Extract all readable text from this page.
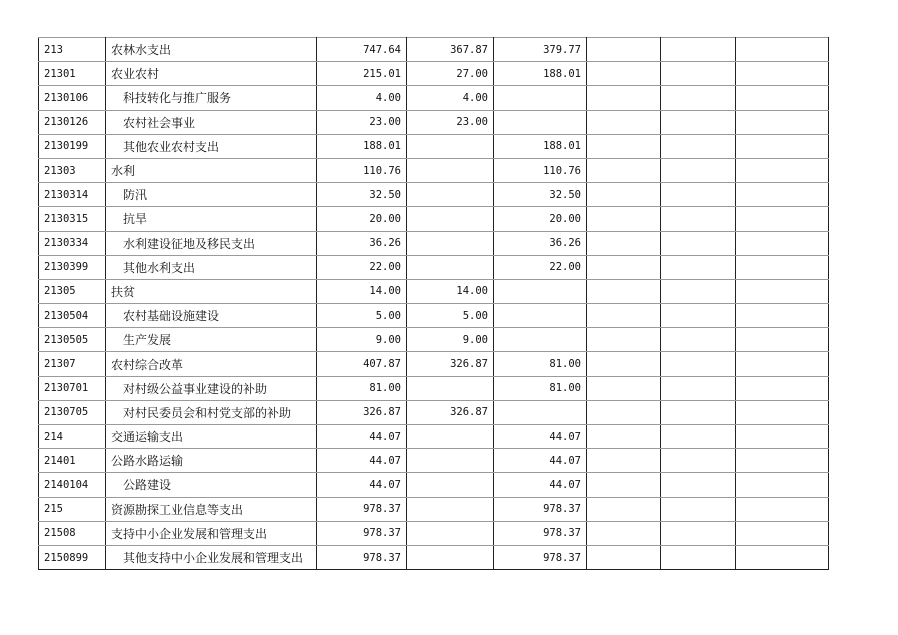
213	农林水支出	747.64	367.87	379.77			
21301	农业农村	215.01	27.00	188.01			
2130106	科技转化与推广服务	4.00	4.00				
2130126	农村社会事业	23.00	23.00				
2130199	其他农业农村支出	188.01		188.01			
21303	水利	110.76		110.76			
2130314	防汛	32.50		32.50			
2130315	抗旱	20.00		20.00			
2130334	水利建设征地及移民支出	36.26		36.26			
2130399	其他水利支出	22.00		22.00			
21305	扶贫	14.00	14.00				
2130504	农村基础设施建设	5.00	5.00				
2130505	生产发展	9.00	9.00				
21307	农村综合改革	407.87	326.87	81.00			
2130701	对村级公益事业建设的补助	81.00		81.00			
2130705	对村民委员会和村党支部的补助	326.87	326.87				
214	交通运输支出	44.07		44.07			
21401	公路水路运输	44.07		44.07			
2140104	公路建设	44.07		44.07			
215	资源勘探工业信息等支出	978.37		978.37			
21508	支持中小企业发展和管理支出	978.37		978.37			
2150899	其他支持中小企业发展和管理支出	978.37		978.37			
